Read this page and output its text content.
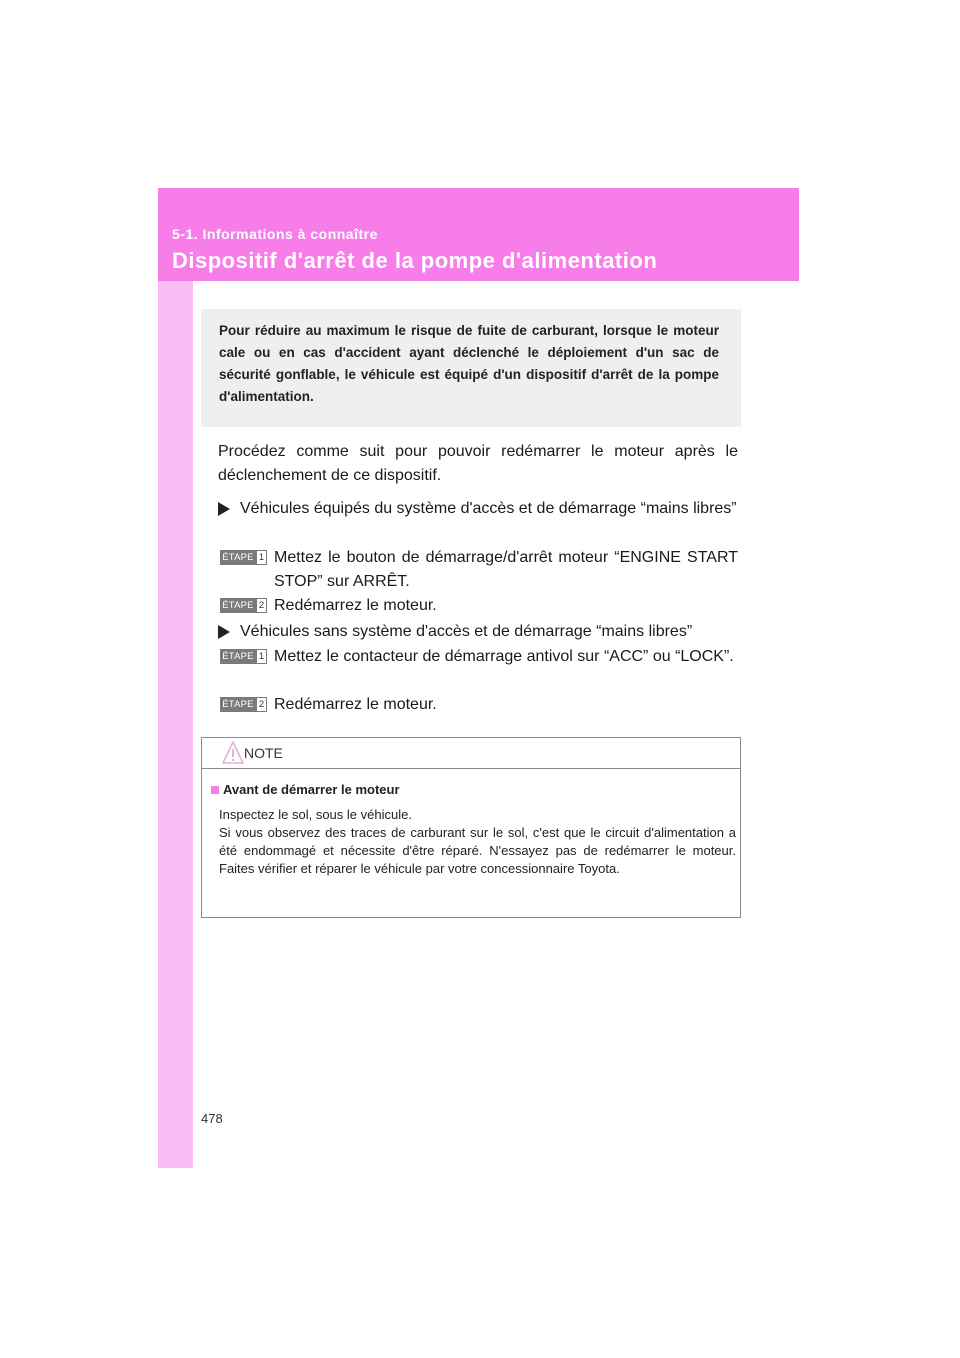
5-1. Informations à connaître
Dispositif d'arrêt de la pompe d'alimentation
Pour réduire au maximum le risque de fuite de carburant, lorsque le moteur cale ou en cas d'accident ayant déclenché le déploiement d'un sac de sécurité gonflable, le véhicule est équipé d'un dispositif d'arrêt de la pompe d'alimentation.
Procédez comme suit pour pouvoir redémarrer le moteur après le déclenchement de ce dispositif.
Véhicules équipés du système d'accès et de démarrage “mains libres”
ÉTAPE 1 Mettez le bouton de démarrage/d'arrêt moteur “ENGINE START STOP” sur ARRÊT.
ÉTAPE 2 Redémarrez le moteur.
Véhicules sans système d'accès et de démarrage “mains libres”
ÉTAPE 1 Mettez le contacteur de démarrage antivol sur “ACC” ou “LOCK”.
ÉTAPE 2 Redémarrez le moteur.
NOTE
Avant de démarrer le moteur
Inspectez le sol, sous le véhicule.
Si vous observez des traces de carburant sur le sol, c'est que le circuit d'alimentation a été endommagé et nécessite d'être réparé. N'essayez pas de redémarrer le moteur. Faites vérifier et réparer le véhicule par votre concessionnaire Toyota.
478
